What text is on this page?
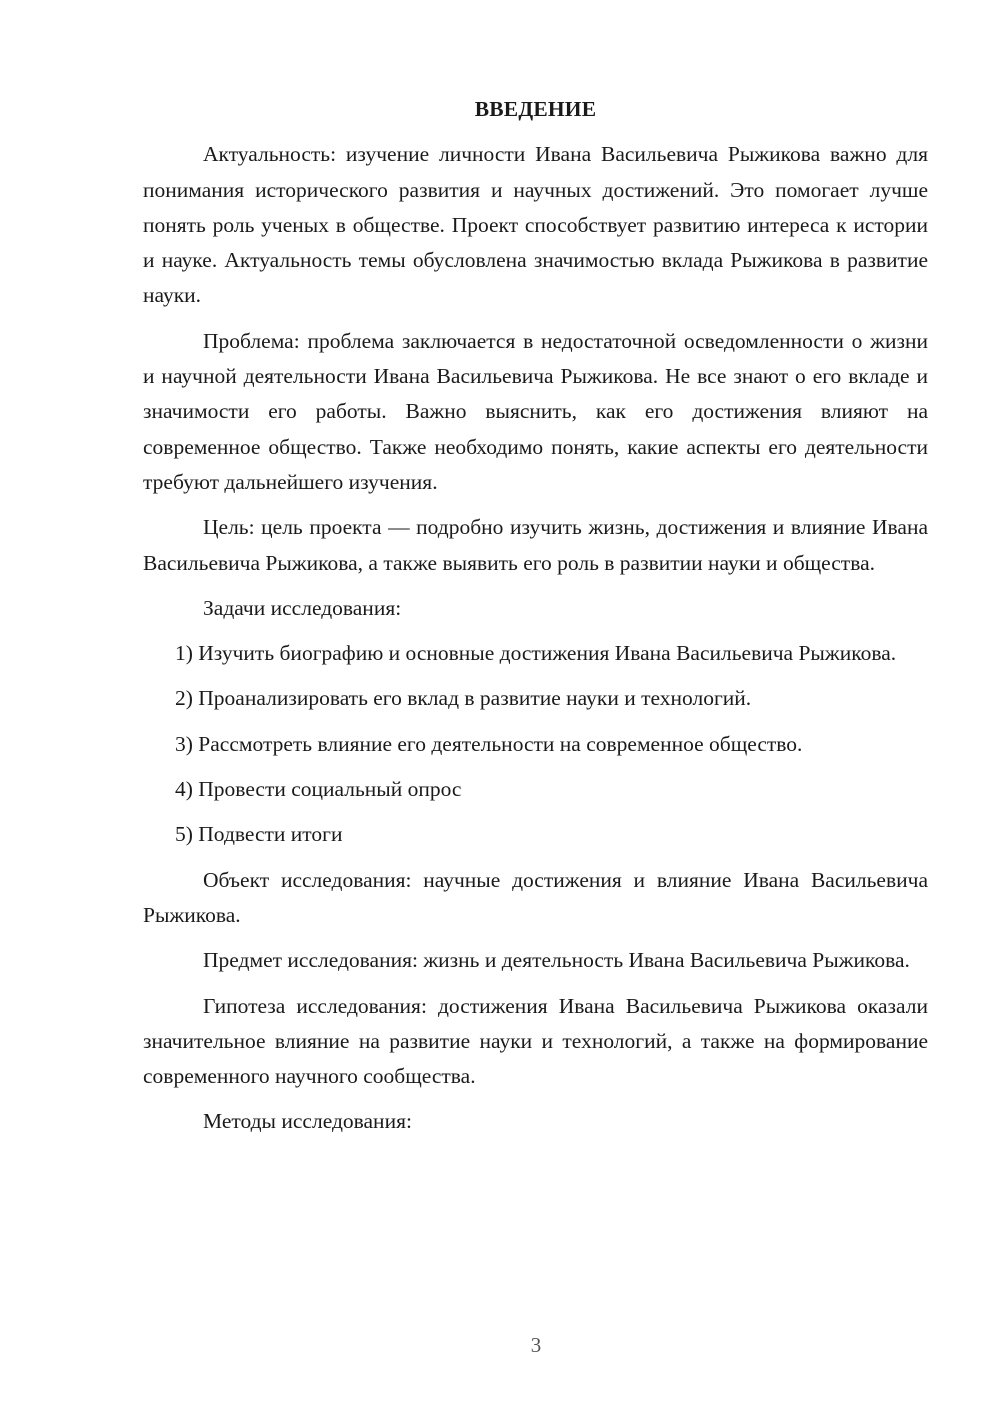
ВВЕДЕНИЕ
Актуальность: изучение личности Ивана Васильевича Рыжикова важно для понимания исторического развития и научных достижений. Это помогает лучше понять роль ученых в обществе. Проект способствует развитию интереса к истории и науке. Актуальность темы обусловлена значимостью вклада Рыжикова в развитие науки.
Проблема: проблема заключается в недостаточной осведомленности о жизни и научной деятельности Ивана Васильевича Рыжикова. Не все знают о его вкладе и значимости его работы. Важно выяснить, как его достижения влияют на современное общество. Также необходимо понять, какие аспекты его деятельности требуют дальнейшего изучения.
Цель: цель проекта — подробно изучить жизнь, достижения и влияние Ивана Васильевича Рыжикова, а также выявить его роль в развитии науки и общества.
Задачи исследования:
1) Изучить биографию и основные достижения Ивана Васильевича Рыжикова.
2) Проанализировать его вклад в развитие науки и технологий.
3) Рассмотреть влияние его деятельности на современное общество.
4) Провести социальный опрос
5) Подвести итоги
Объект исследования: научные достижения и влияние Ивана Васильевича Рыжикова.
Предмет исследования: жизнь и деятельность Ивана Васильевича Рыжикова.
Гипотеза исследования: достижения Ивана Васильевича Рыжикова оказали значительное влияние на развитие науки и технологий, а также на формирование современного научного сообщества.
Методы исследования:
3
